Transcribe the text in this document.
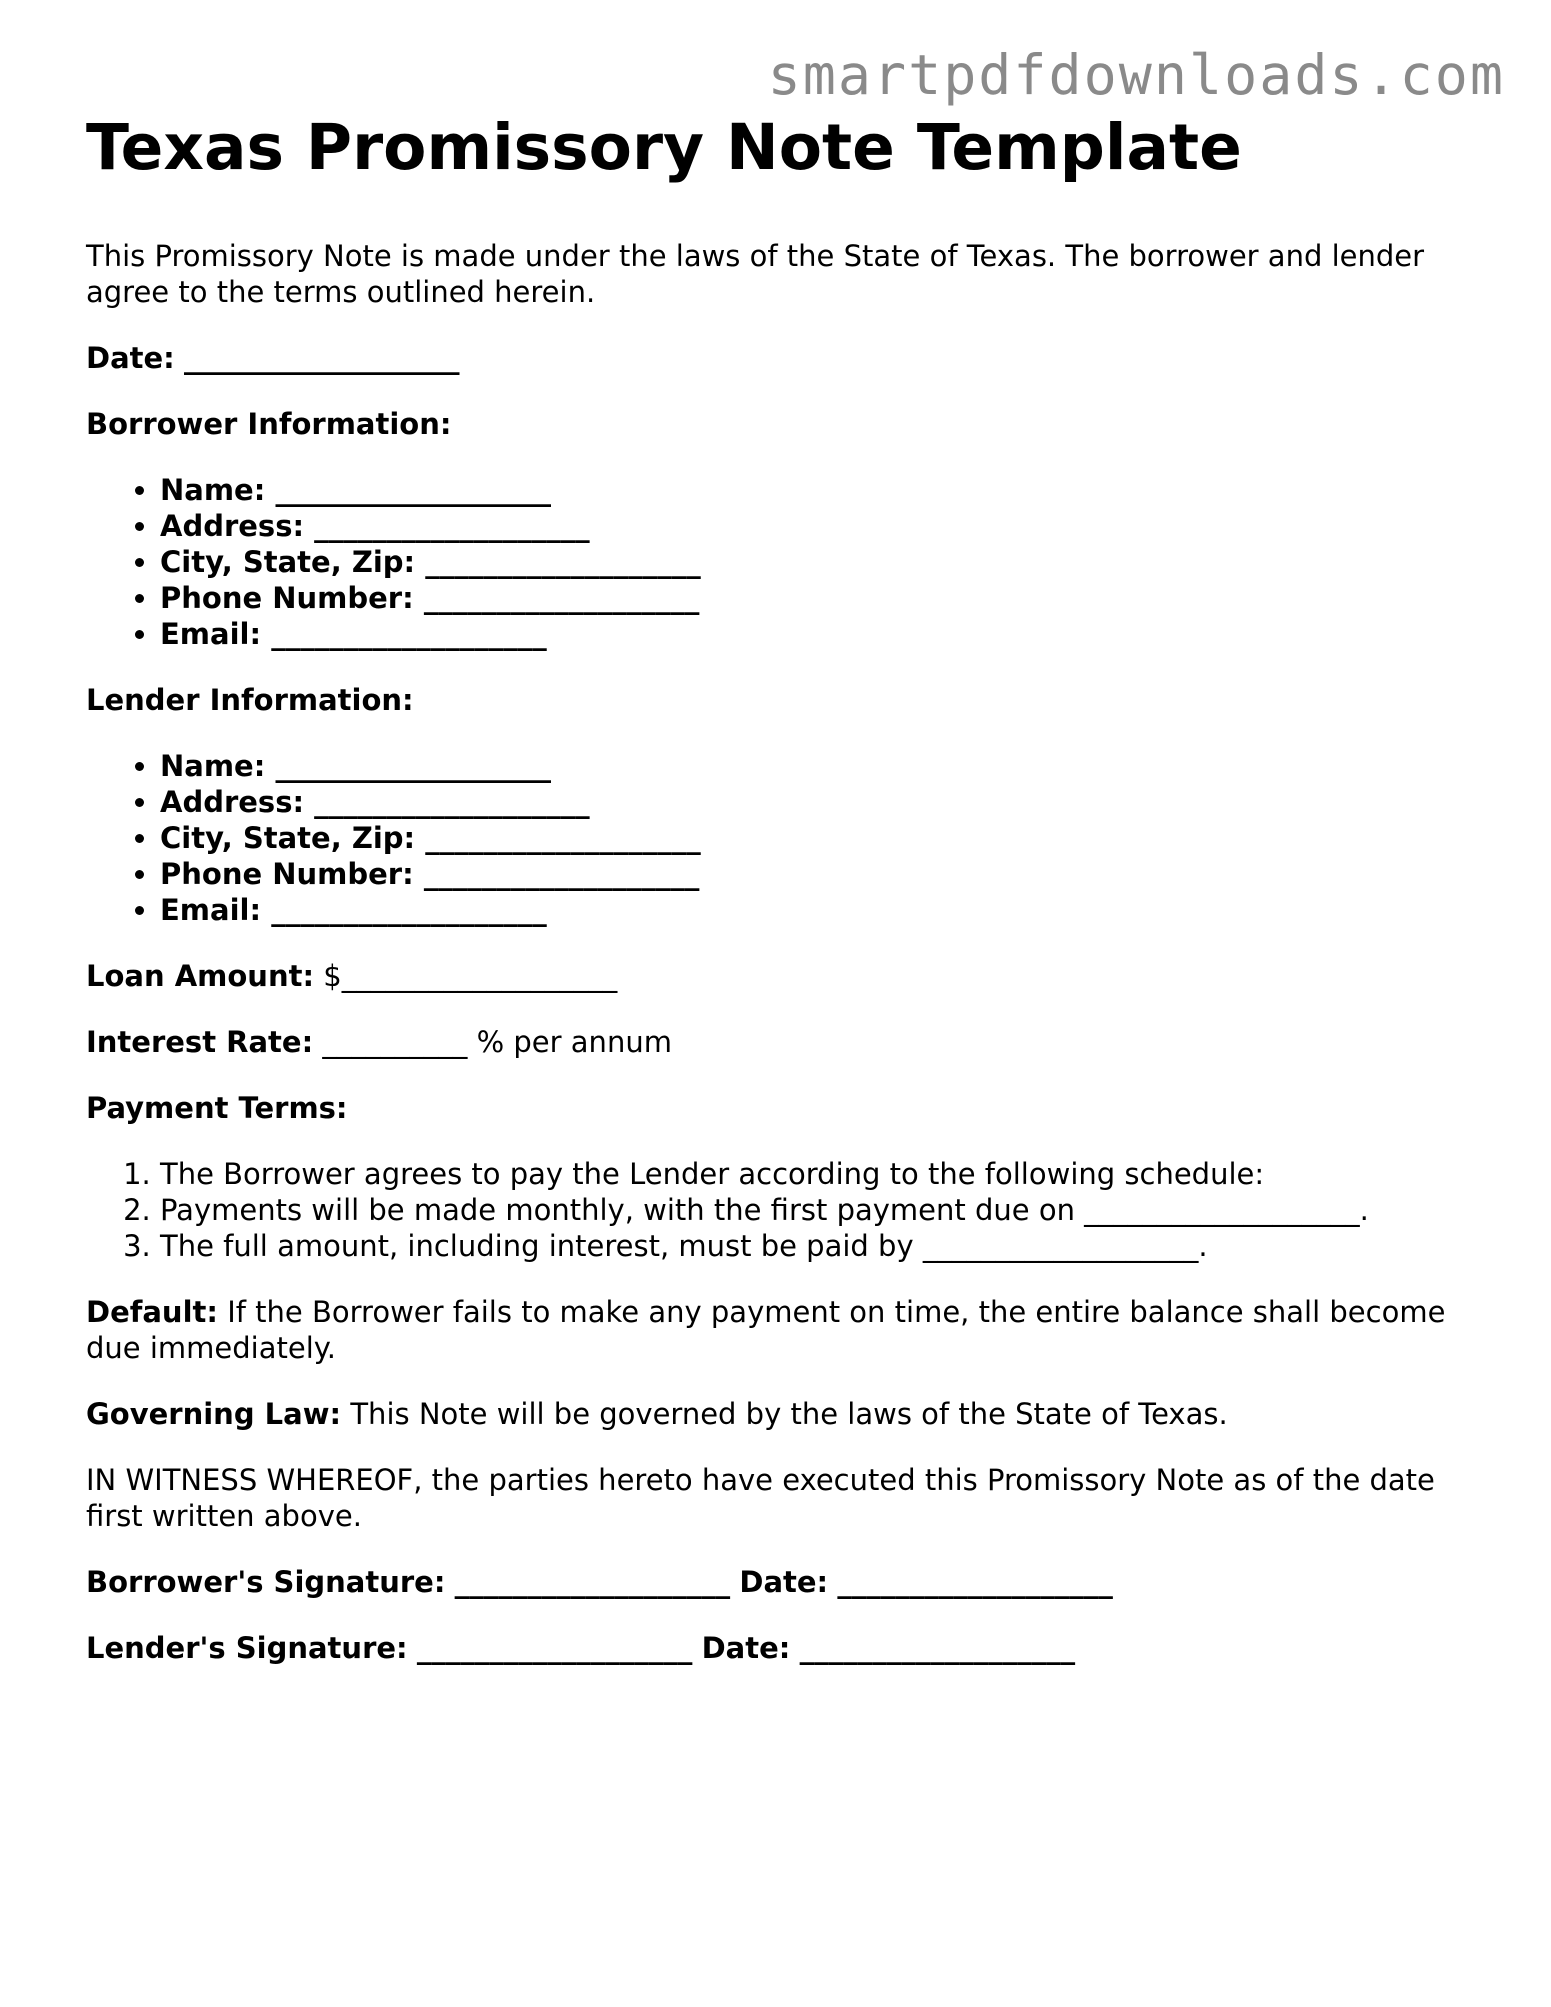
smartpdfdownloads.com
Texas Promissory Note Template

This Promissory Note is made under the laws of the State of Texas. The borrower and lender agree to the terms outlined herein.

Date: ___________________

Borrower Information:

• Name: ___________________
• Address: ___________________
• City, State, Zip: ___________________
• Phone Number: ___________________
• Email: ___________________

Lender Information:

• Name: ___________________
• Address: ___________________
• City, State, Zip: ___________________
• Phone Number: ___________________
• Email: ___________________

Loan Amount: $___________________

Interest Rate: __________ % per annum

Payment Terms:

1. The Borrower agrees to pay the Lender according to the following schedule:
2. Payments will be made monthly, with the first payment due on ___________________.
3. The full amount, including interest, must be paid by ___________________.

Default: If the Borrower fails to make any payment on time, the entire balance shall become due immediately.

Governing Law: This Note will be governed by the laws of the State of Texas.

IN WITNESS WHEREOF, the parties hereto have executed this Promissory Note as of the date first written above.

Borrower's Signature: ___________________ Date: ___________________

Lender's Signature: ___________________ Date: ___________________
